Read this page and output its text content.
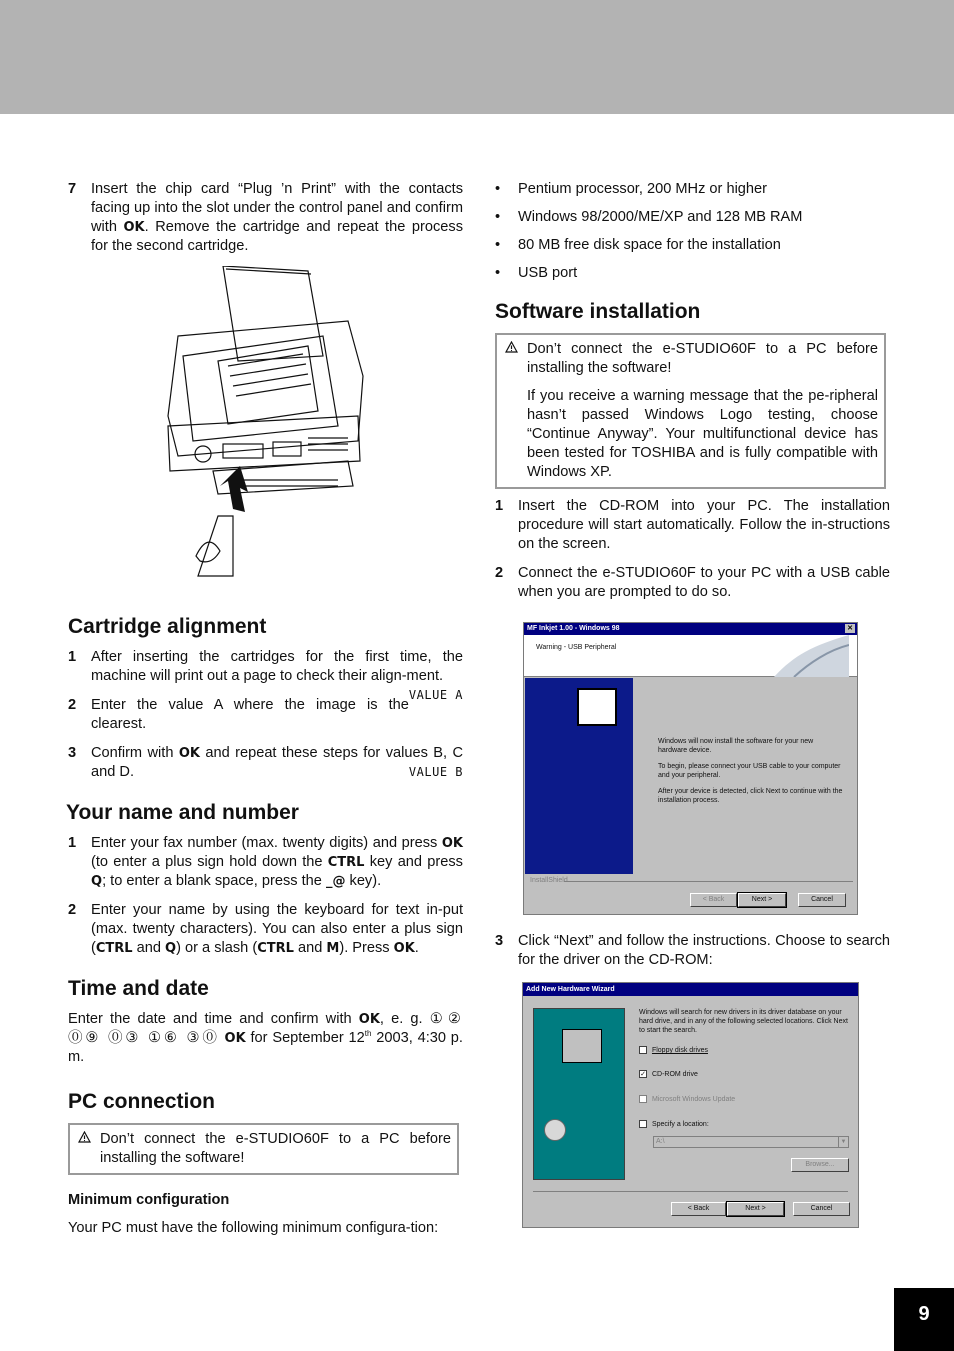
7 Insert the chip card “Plug ’n Print” with the contacts facing up into the slot under the control panel and confirm with OK. Remove the cartridge and repeat the process for the second cartridge.
Cartridge alignment
1 After inserting the cartridges for the first time, the machine will print out a page to check their align-ment.
VALUE A
2 Enter the value A where the image is the clearest.
3 Confirm with OK and repeat these steps for values B, C and D.	VALUE B
Your name and number
1 Enter your fax number (max. twenty digits) and press OK (to enter a plus sign hold down the CTRL key and press Q; to enter a blank space, press the _@ key).
2 Enter your name by using the keyboard for text in-put (max. twenty characters). You can also enter a plus sign (CTRL and Q) or a slash (CTRL and M). Press OK.
Time and date

Enter the date and time and confirm with OK, e. g. ①② ⓪⑨ ⓪③ ①⑥ ③⓪ OK for September 12th 2003, 4:30 p. m.

PC connection

Don’t connect the e-STUDIO60F to a PC before installing the software!

Minimum configuration

Your PC must have the following minimum configura-tion:

• Pentium processor, 200 MHz or higher
• Windows 98/2000/ME/XP and 128 MB RAM
• 80 MB free disk space for the installation
• USB port
Software installation

Don’t connect the e-STUDIO60F to a PC before installing the software!

If you receive a warning message that the pe-ripheral hasn’t passed Windows Logo testing, choose “Continue Anyway”. Your multifunctional device has been tested for TOSHIBA and is fully compatible with Windows XP.

1 Insert the CD-ROM into your PC. The installation procedure will start automatically. Follow the in-structions on the screen.
2 Connect the e-STUDIO60F to your PC with a USB cable when you are prompted to do so.
MF Inkjet 1.00 - Windows 98	✕
Warning - USB Peripheral

Windows will now install the software for your new hardware device.

To begin, please connect your USB cable to your computer and your peripheral.

After your device is detected, click Next to continue with the installation process.

InstallShield
< Back	Next >	Cancel
3 Click “Next” and follow the instructions. Choose to search for the driver on the CD-ROM:
Add New Hardware Wizard
Windows will search for new drivers in its driver database on your hard drive, and in any of the following selected locations. Click Next to start the search.
Floppy disk drives
✓ CD-ROM drive
Microsoft Windows Update
Specify a location:
A:\	▼
Browse...
< Back	Next >	Cancel
9
